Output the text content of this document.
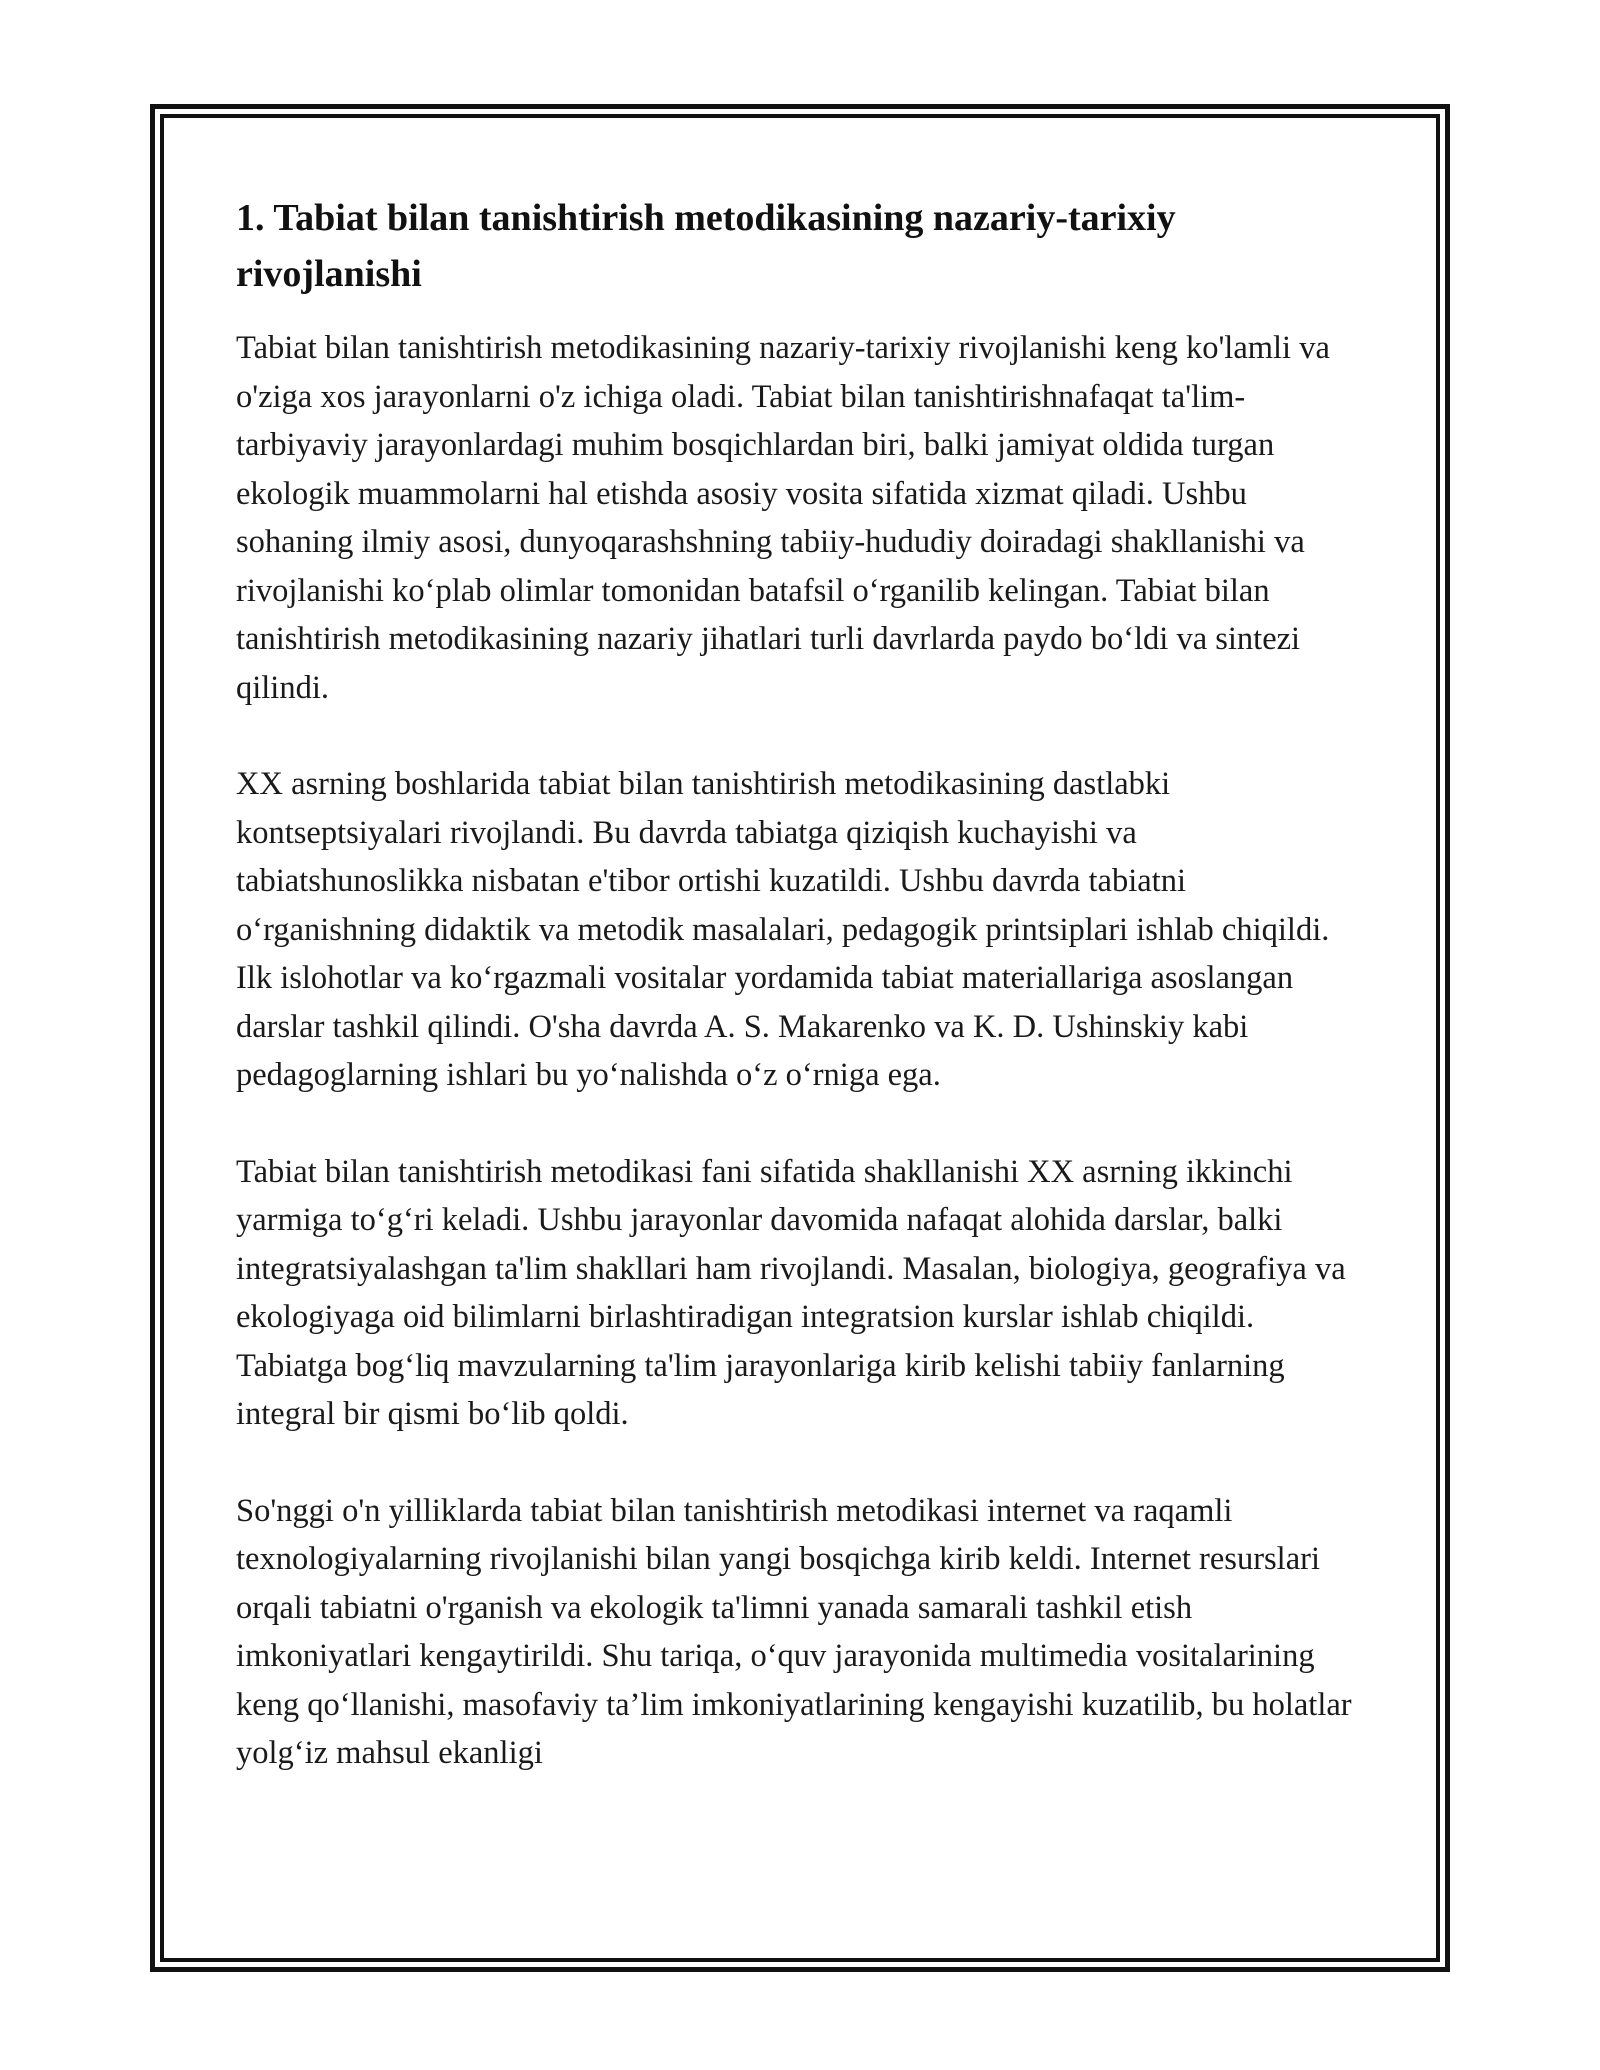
1. Tabiat bilan tanishtirish metodikasining nazariy-tarixiy rivojlanishi

Tabiat bilan tanishtirish metodikasining nazariy-tarixiy rivojlanishi keng ko'lamli va o'ziga xos jarayonlarni o'z ichiga oladi. Tabiat bilan tanishtirishnafaqat ta'lim-tarbiyaviy jarayonlardagi muhim bosqichlardan biri, balki jamiyat oldida turgan ekologik muammolarni hal etishda asosiy vosita sifatida xizmat qiladi. Ushbu sohaning ilmiy asosi, dunyoqarashshning tabiiy-hududiy doiradagi shakllanishi va rivojlanishi koʻplab olimlar tomonidan batafsil oʻrganilib kelingan. Tabiat bilan tanishtirish metodikasining nazariy jihatlari turli davrlarda paydo boʻldi va sintezi qilindi.

XX asrning boshlarida tabiat bilan tanishtirish metodikasining dastlabki kontseptsiyalari rivojlandi. Bu davrda tabiatga qiziqish kuchayishi va tabiatshunoslikka nisbatan e'tibor ortishi kuzatildi. Ushbu davrda tabiatni oʻrganishning didaktik va metodik masalalari, pedagogik printsiplari ishlab chiqildi. Ilk islohotlar va koʻrgazmali vositalar yordamida tabiat materiallariga asoslangan darslar tashkil qilindi. O'sha davrda A. S. Makarenko va K. D. Ushinskiy kabi pedagoglarning ishlari bu yoʻnalishda oʻz oʻrniga ega.

Tabiat bilan tanishtirish metodikasi fani sifatida shakllanishi XX asrning ikkinchi yarmiga toʻgʻri keladi. Ushbu jarayonlar davomida nafaqat alohida darslar, balki integratsiyalashgan ta'lim shakllari ham rivojlandi. Masalan, biologiya, geografiya va ekologiyaga oid bilimlarni birlashtiradigan integratsion kurslar ishlab chiqildi. Tabiatga bogʻliq mavzularning ta'lim jarayonlariga kirib kelishi tabiiy fanlarning integral bir qismi boʻlib qoldi.

So'nggi o'n yilliklarda tabiat bilan tanishtirish metodikasi internet va raqamli texnologiyalarning rivojlanishi bilan yangi bosqichga kirib keldi. Internet resurslari orqali tabiatni o'rganish va ekologik ta'limni yanada samarali tashkil etish imkoniyatlari kengaytirildi. Shu tariqa, oʻquv jarayonida multimedia vositalarining keng qoʻllanishi, masofaviy ta’lim imkoniyatlarining kengayishi kuzatilib, bu holatlar yolgʻiz mahsul ekanligi
